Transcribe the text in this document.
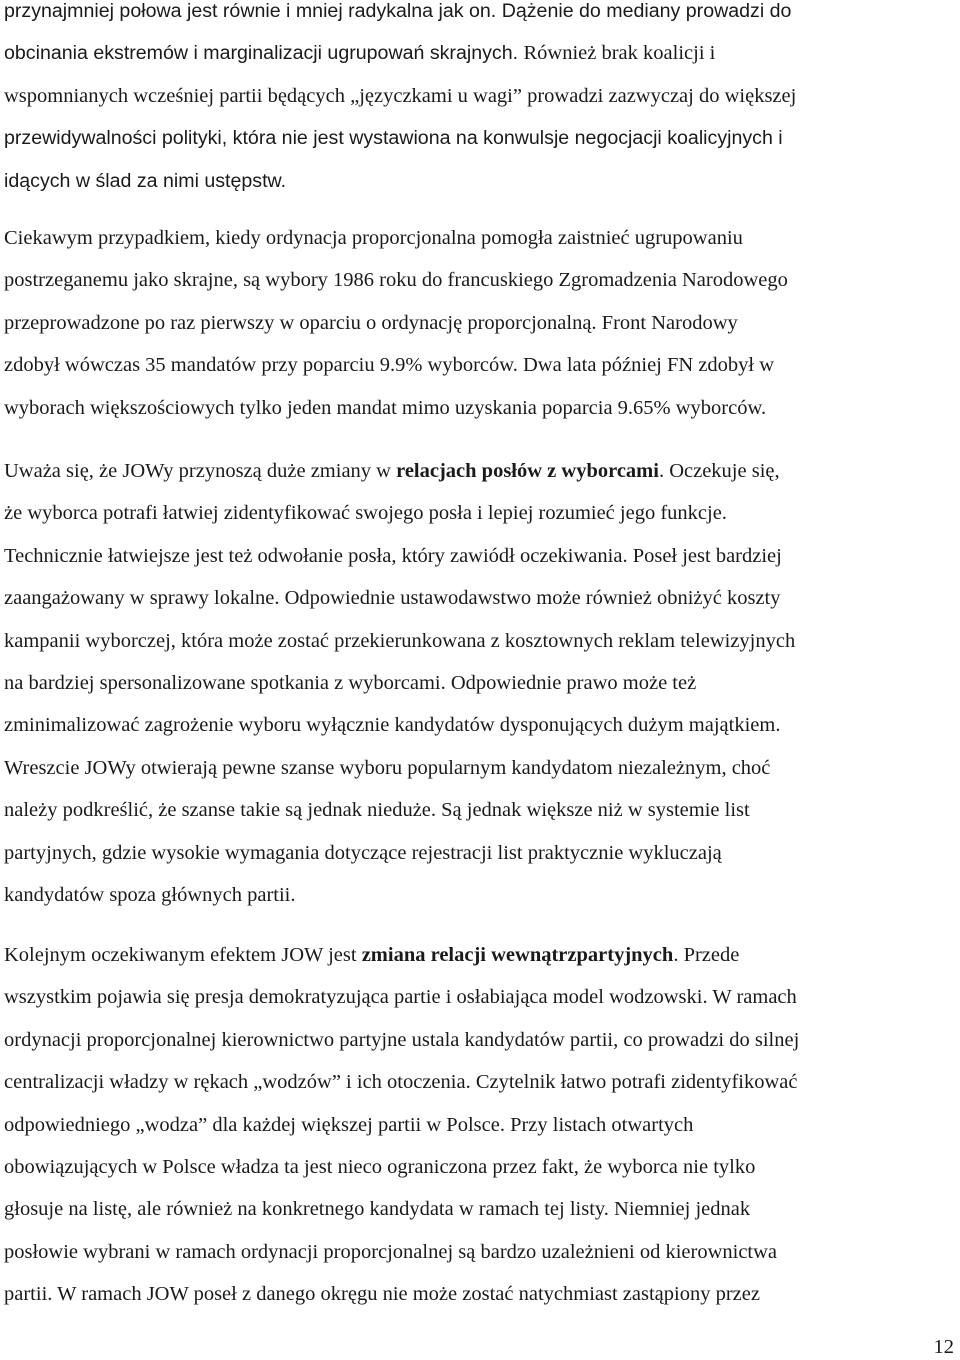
przynajmniej połowa jest równie i mniej radykalna jak on. Dążenie do mediany prowadzi do
obcinania ekstremów i marginalizacji ugrupowań skrajnych. Również brak koalicji i
wspomnianych wcześniej partii będących „języczkami u wagi” prowadzi zazwyczaj do większej
przewidywalności polityki, która nie jest wystawiona na konwulsje negocjacji koalicyjnych i
idących w ślad za nimi ustępstw.

Ciekawym przypadkiem, kiedy ordynacja proporcjonalna pomogła zaistnieć ugrupowaniu
postrzeganemu jako skrajne, są wybory 1986 roku do francuskiego Zgromadzenia Narodowego
przeprowadzone po raz pierwszy w oparciu o ordynację proporcjonalną. Front Narodowy
zdobył wówczas 35 mandatów przy poparciu 9.9% wyborców. Dwa lata później FN zdobył w
wyborach większościowych tylko jeden mandat mimo uzyskania poparcia 9.65% wyborców.

Uważa się, że JOWy przynoszą duże zmiany w relacjach posłów z wyborcami. Oczekuje się,
że wyborca potrafi łatwiej zidentyfikować swojego posła i lepiej rozumieć jego funkcje.
Technicznie łatwiejsze jest też odwołanie posła, który zawiódł oczekiwania. Poseł jest bardziej
zaangażowany w sprawy lokalne. Odpowiednie ustawodawstwo może również obniżyć koszty
kampanii wyborczej, która może zostać przekierunkowana z kosztownych reklam telewizyjnych
na bardziej spersonalizowane spotkania z wyborcami. Odpowiednie prawo może też
zminimalizować zagrożenie wyboru wyłącznie kandydatów dysponujących dużym majątkiem.
Wreszcie JOWy otwierają pewne szanse wyboru popularnym kandydatom niezależnym, choć
należy podkreślić, że szanse takie są jednak nieduże. Są jednak większe niż w systemie list
partyjnych, gdzie wysokie wymagania dotyczące rejestracji list praktycznie wykluczają
kandydatów spoza głównych partii.

Kolejnym oczekiwanym efektem JOW jest zmiana relacji wewnątrzpartyjnych. Przede
wszystkim pojawia się presja demokratyzująca partie i osłabiająca model wodzowski. W ramach
ordynacji proporcjonalnej kierownictwo partyjne ustala kandydatów partii, co prowadzi do silnej
centralizacji władzy w rękach „wodzów” i ich otoczenia. Czytelnik łatwo potrafi zidentyfikować
odpowiedniego „wodza” dla każdej większej partii w Polsce. Przy listach otwartych
obowiązujących w Polsce władza ta jest nieco ograniczona przez fakt, że wyborca nie tylko
głosuje na listę, ale również na konkretnego kandydata w ramach tej listy. Niemniej jednak
posłowie wybrani w ramach ordynacji proporcjonalnej są bardzo uzależnieni od kierownictwa
partii. W ramach JOW poseł z danego okręgu nie może zostać natychmiast zastąpiony przez

12
